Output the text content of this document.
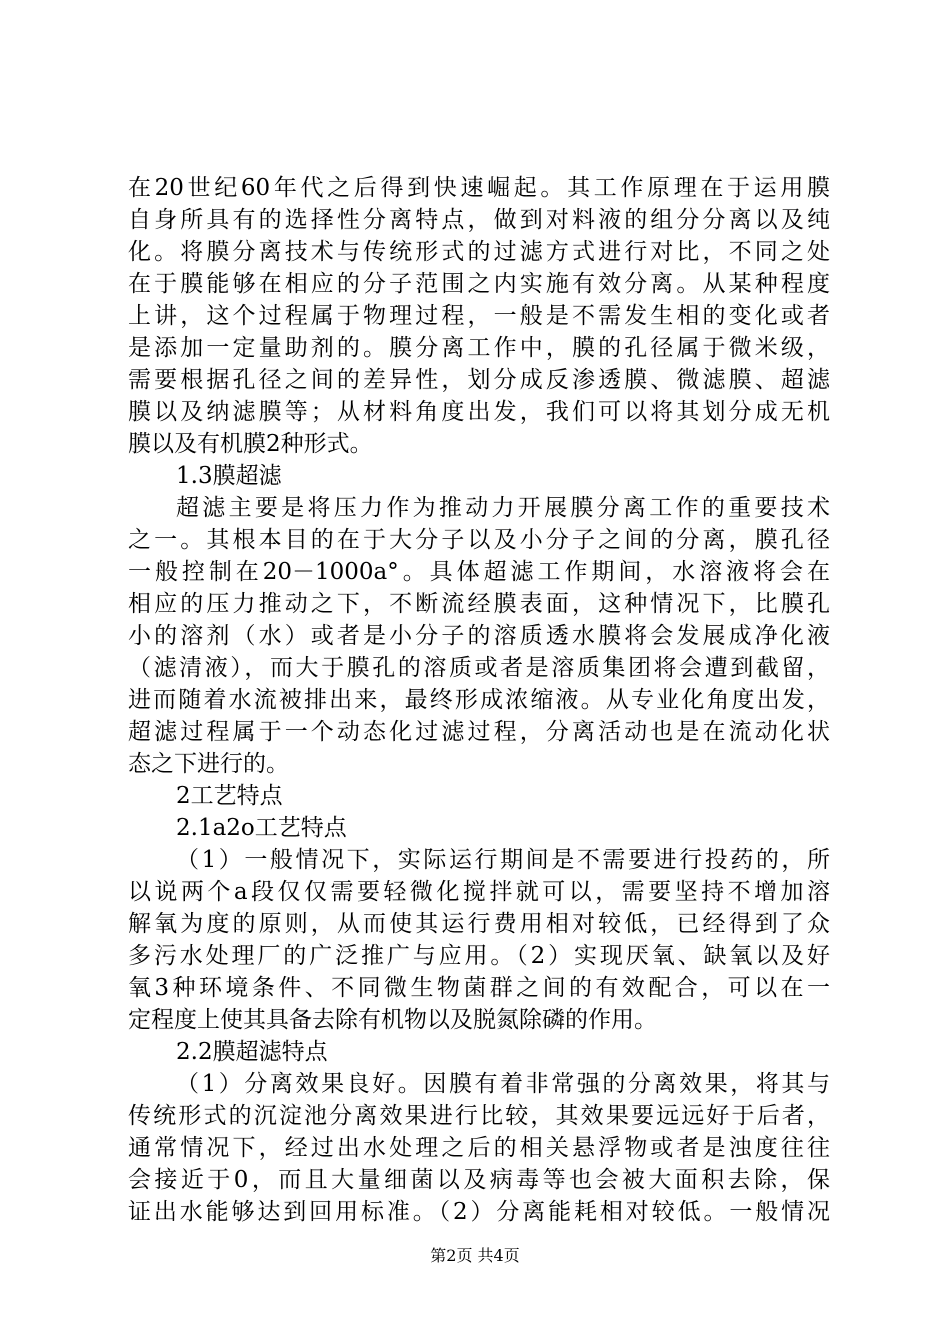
在20世纪60年代之后得到快速崛起。其工作原理在于运用膜
自身所具有的选择性分离特点，做到对料液的组分分离以及纯
化。将膜分离技术与传统形式的过滤方式进行对比，不同之处
在于膜能够在相应的分子范围之内实施有效分离。从某种程度
上讲，这个过程属于物理过程，一般是不需发生相的变化或者
是添加一定量助剂的。膜分离工作中，膜的孔径属于微米级，
需要根据孔径之间的差异性，划分成反渗透膜、微滤膜、超滤
膜以及纳滤膜等；从材料角度出发，我们可以将其划分成无机
膜以及有机膜2种形式。
1.3膜超滤
超滤主要是将压力作为推动力开展膜分离工作的重要技术
之一。其根本目的在于大分子以及小分子之间的分离，膜孔径
一般控制在20－1000a°。具体超滤工作期间，水溶液将会在
相应的压力推动之下，不断流经膜表面，这种情况下，比膜孔
小的溶剂（水）或者是小分子的溶质透水膜将会发展成净化液
（滤清液），而大于膜孔的溶质或者是溶质集团将会遭到截留，
进而随着水流被排出来，最终形成浓缩液。从专业化角度出发，
超滤过程属于一个动态化过滤过程，分离活动也是在流动化状
态之下进行的。
2工艺特点
2.1a2o工艺特点
（1）一般情况下，实际运行期间是不需要进行投药的，所
以说两个a段仅仅需要轻微化搅拌就可以，需要坚持不增加溶
解氧为度的原则，从而使其运行费用相对较低，已经得到了众
多污水处理厂的广泛推广与应用。（2）实现厌氧、缺氧以及好
氧3种环境条件、不同微生物菌群之间的有效配合，可以在一
定程度上使其具备去除有机物以及脱氮除磷的作用。
2.2膜超滤特点
（1）分离效果良好。因膜有着非常强的分离效果，将其与
传统形式的沉淀池分离效果进行比较，其效果要远远好于后者，
通常情况下，经过出水处理之后的相关悬浮物或者是浊度往往
会接近于0，而且大量细菌以及病毒等也会被大面积去除，保
证出水能够达到回用标准。（2）分离能耗相对较低。一般情况
第2页 共4页
